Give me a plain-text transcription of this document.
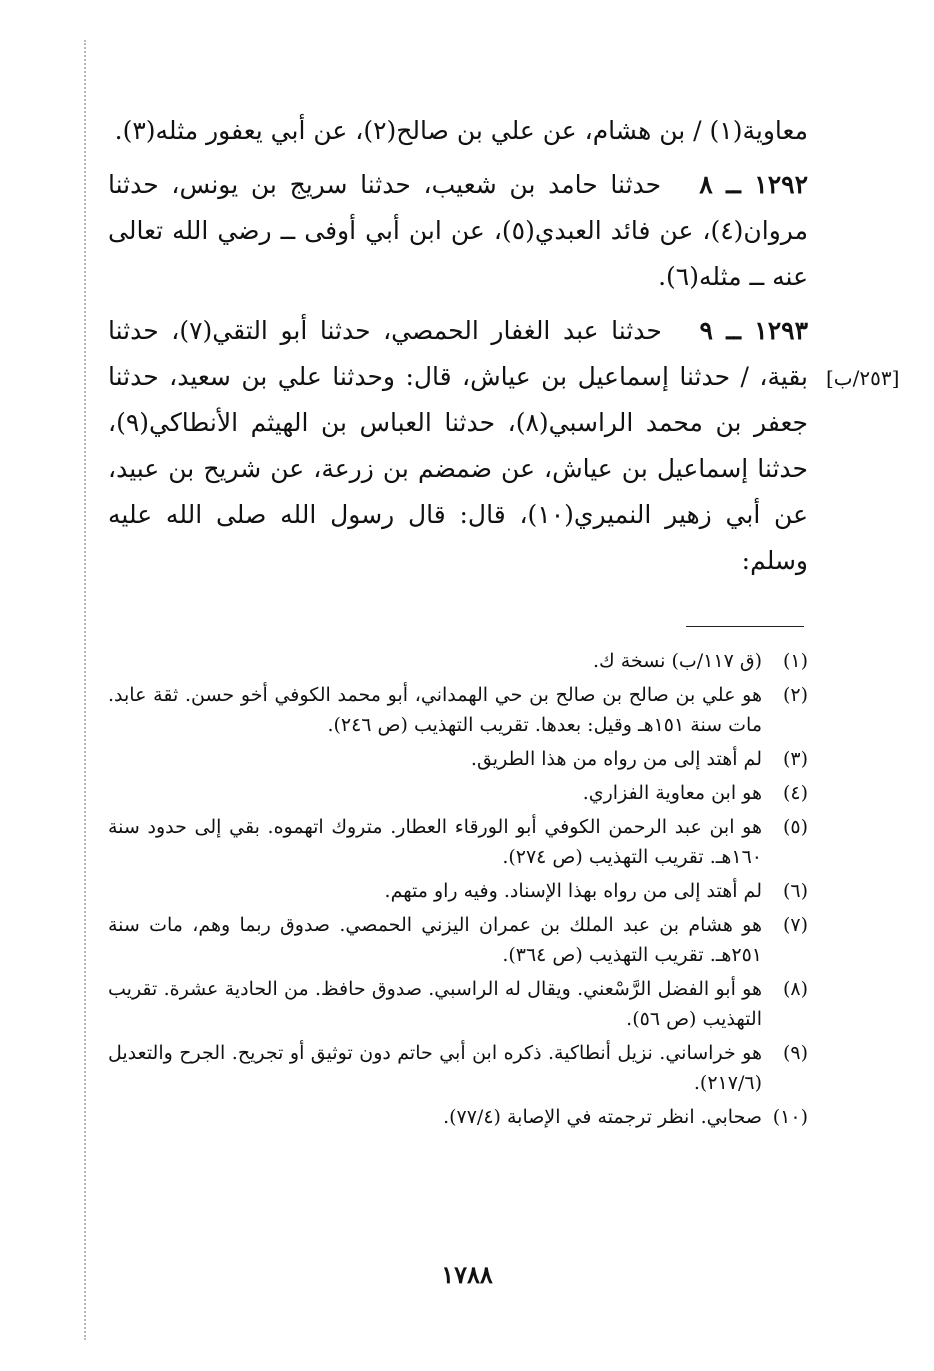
معاوية(١) / بن هشام، عن علي بن صالح(٢)، عن أبي يعفور مثله(٣).

١٢٩٢ ــ ٨   حدثنا حامد بن شعيب، حدثنا سريج بن يونس، حدثنا مروان(٤)، عن فائد العبدي(٥)، عن ابن أبي أوفى ــ رضي الله تعالى عنه ــ مثله(٦).

١٢٩٣ ــ ٩   حدثنا عبد الغفار الحمصي، حدثنا أبو التقي(٧)، حدثنا بقية، / حدثنا إسماعيل بن عياش، قال: وحدثنا علي بن سعيد، حدثنا جعفر بن محمد الراسبي(٨)، حدثنا العباس بن الهيثم الأنطاكي(٩)، حدثنا إسماعيل بن عياش، عن ضمضم بن زرعة، عن شريح بن عبيد، عن أبي زهير النميري(١٠)، قال: قال رسول الله صلى الله عليه وسلم:

[٢٥٣/ب]
(١)
(ق ١١٧/ب) نسخة ك.
(٢)
هو علي بن صالح بن صالح بن حي الهمداني، أبو محمد الكوفي أخو حسن. ثقة عابد. مات سنة ١٥١هـ وقيل: بعدها. تقريب التهذيب (ص ٢٤٦).
(٣)
لم أهتد إلى من رواه من هذا الطريق.
(٤)
هو ابن معاوية الفزاري.
(٥)
هو ابن عبد الرحمن الكوفي أبو الورقاء العطار. متروك اتهموه. بقي إلى حدود سنة ١٦٠هـ. تقريب التهذيب (ص ٢٧٤).
(٦)
لم أهتد إلى من رواه بهذا الإسناد. وفيه راو متهم.
(٧)
هو هشام بن عبد الملك بن عمران اليزني الحمصي. صدوق ربما وهم، مات سنة ٢٥١هـ. تقريب التهذيب (ص ٣٦٤).
(٨)
هو أبو الفضل الرَّسْعني. ويقال له الراسبي. صدوق حافظ. من الحادية عشرة. تقريب التهذيب (ص ٥٦).
(٩)
هو خراساني. نزيل أنطاكية. ذكره ابن أبي حاتم دون توثيق أو تجريح. الجرح والتعديل (٢١٧/٦).
(١٠)
صحابي. انظر ترجمته في الإصابة (٧٧/٤).
١٧٨٨
